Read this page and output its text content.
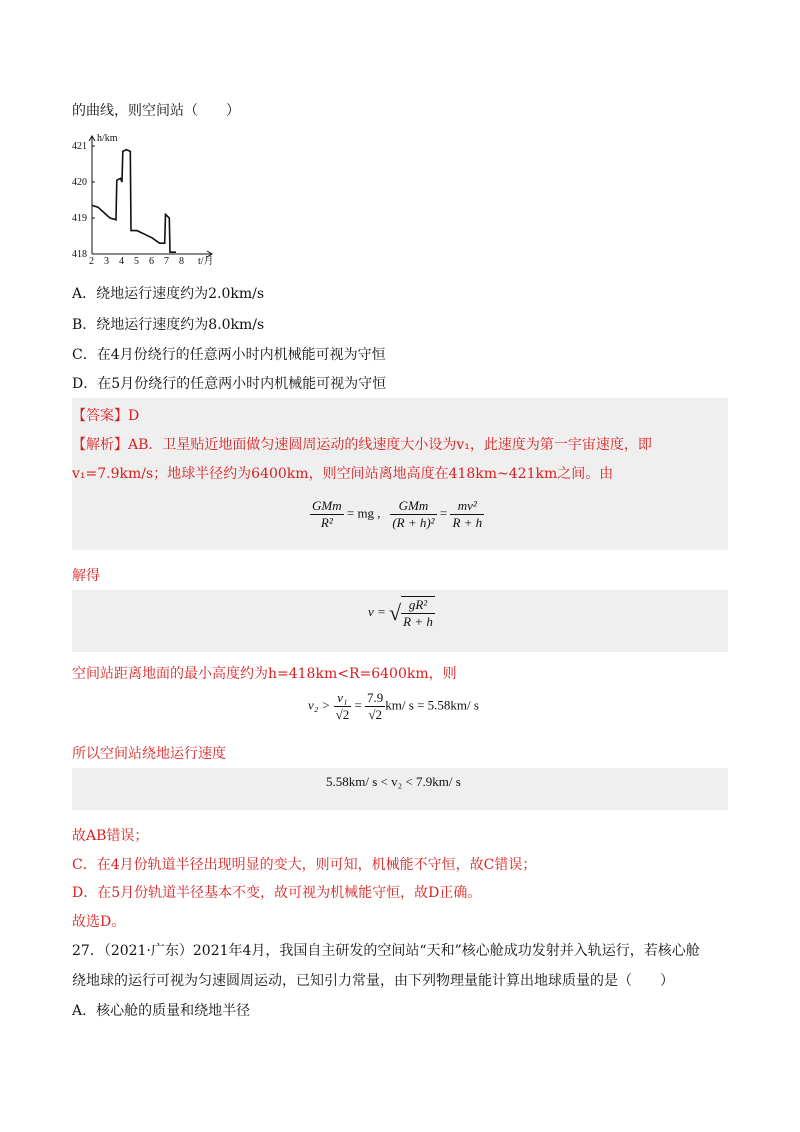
的曲线，则空间站（　　）
h/km
t/月
2 3 4 5 6 7 8
421
420
419
418
A．绕地运行速度约为2.0km/s
B．绕地运行速度约为8.0km/s
C．在4月份绕行的任意两小时内机械能可视为守恒
D．在5月份绕行的任意两小时内机械能可视为守恒
【答案】D
【解析】AB．卫星贴近地面做匀速圆周运动的线速度大小设为v₁，此速度为第一宇宙速度，即
v₁=7.9km/s；地球半径约为6400km，则空间站离地高度在418km~421km之间。由
$\frac{\text{GMm}}{\text{R²}}$ = mg , $\frac{\text{GMm}}{\text{(R + h)²}} = \frac{\text{mv²}}{R + h}$
解得
v = √ $\frac{\text{gR²}}{R + h}$
空间站距离地面的最小高度约为h=418km<R=6400km，则
$v_2 > \frac{\text{v₁}}{√2} = \frac{7.9}{√2} km/$ s = 5.58km/ s
所以空间站绕地运行速度
5.58km/ s < v₂ < 7.9km/ s
故AB错误；
C．在4月份轨道半径出现明显的变大，则可知，机械能不守恒，故C错误；
D．在5月份轨道半径基本不变，故可视为机械能守恒，故D正确。
故选D。
27．（2021·广东）2021年4月，我国自主研发的空间站“天和”核心舱成功发射并入轨运行，若核心舱
绕地球的运行可视为匀速圆周运动，已知引力常量，由下列物理量能计算出地球质量的是（　　）
A．核心舱的质量和绕地半径
